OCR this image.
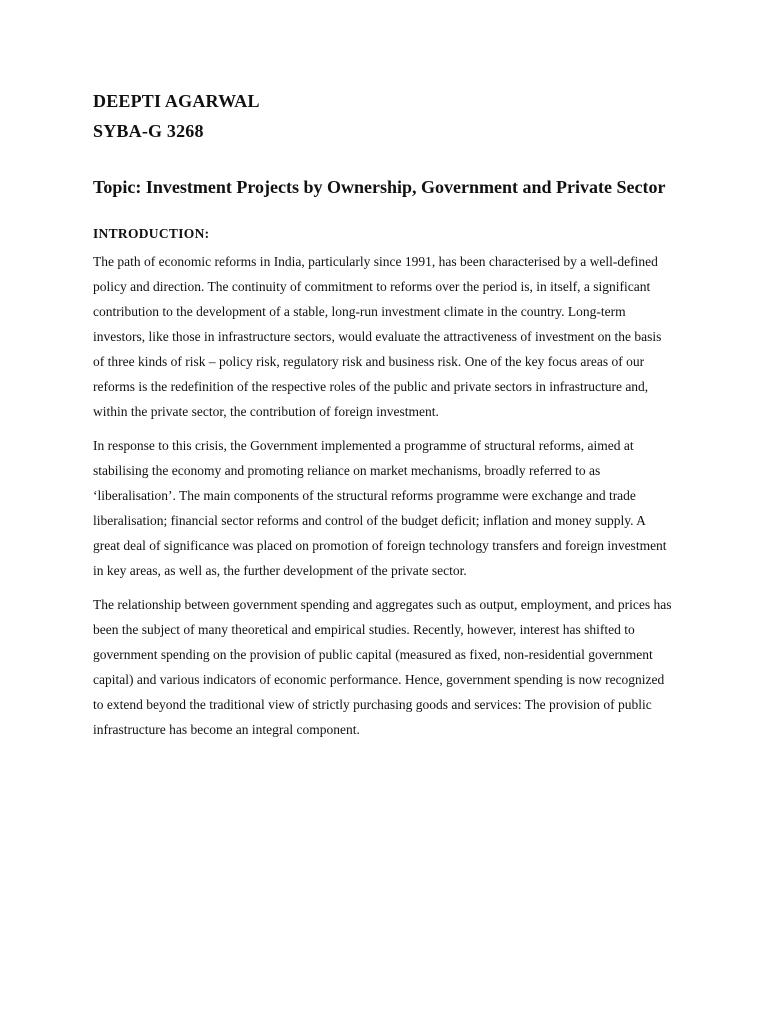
DEEPTI AGARWAL

SYBA-G 3268

Topic: Investment Projects by Ownership, Government and Private Sector

INTRODUCTION:

The path of economic reforms in India, particularly since 1991, has been characterised by a well-defined policy and direction. The continuity of commitment to reforms over the period is, in itself, a significant contribution to the development of a stable, long-run investment climate in the country. Long-term investors, like those in infrastructure sectors, would evaluate the attractiveness of investment on the basis of three kinds of risk – policy risk, regulatory risk and business risk. One of the key focus areas of our reforms is the redefinition of the respective roles of the public and private sectors in infrastructure and, within the private sector, the contribution of foreign investment.

In response to this crisis, the Government implemented a programme of structural reforms, aimed at stabilising the economy and promoting reliance on market mechanisms, broadly referred to as ‘liberalisation’. The main components of the structural reforms programme were exchange and trade liberalisation; financial sector reforms and control of the budget deficit; inflation and money supply. A great deal of significance was placed on promotion of foreign technology transfers and foreign investment in key areas, as well as, the further development of the private sector.

The relationship between government spending and aggregates such as output, employment, and prices has been the subject of many theoretical and empirical studies. Recently, however, interest has shifted to government spending on the provision of public capital (measured as fixed, non-residential government capital) and various indicators of economic performance. Hence, government spending is now recognized to extend beyond the traditional view of strictly purchasing goods and services: The provision of public infrastructure has become an integral component.
